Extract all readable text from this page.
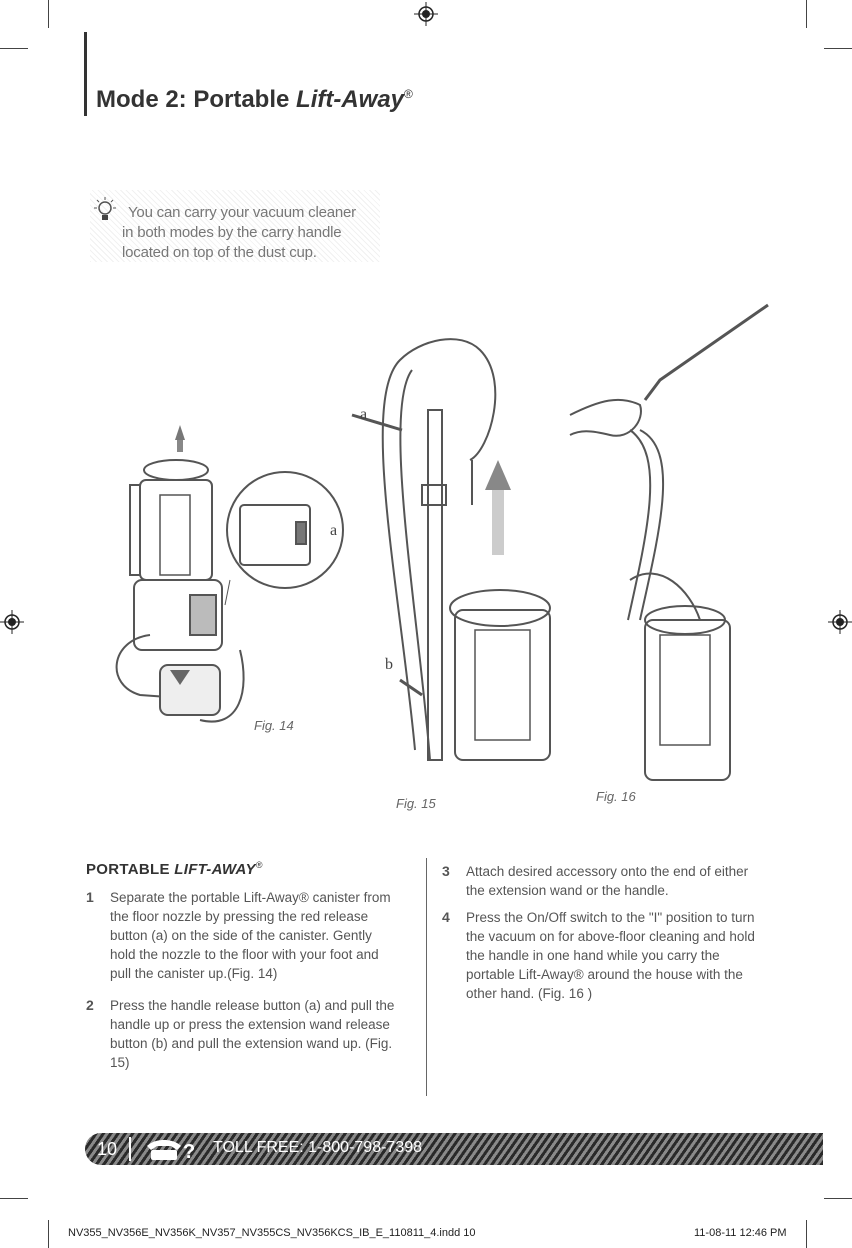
Mode 2: Portable Lift-Away®
You can carry your vacuum cleaner
in both modes by the carry handle
located on top of the dust cup.
Fig. 14
Fig. 15	Fig. 16
a
a
b
PORTABLE LIFT-AWAY®
1 Separate the portable Lift-Away® canister from the floor nozzle by pressing the red release button (a) on the side of the canister. Gently hold the nozzle to the floor with your foot and pull the canister up.(Fig. 14)
2 Press the handle release button (a) and pull the handle up or press the extension wand release button (b) and pull the extension wand up. (Fig. 15)
3 Attach desired accessory onto the end of either the extension wand or the handle.
4 Press the On/Off switch to the "I" position to turn the vacuum on for above-floor cleaning and hold the handle in one hand while you carry the portable Lift-Away® around the house with the other hand. (Fig. 16 )
10	? TOLL FREE: 1-800-798-7398
NV355_NV356E_NV356K_NV357_NV355CS_NV356KCS_IB_E_110811_4.indd 10	11-08-11 12:46 PM
